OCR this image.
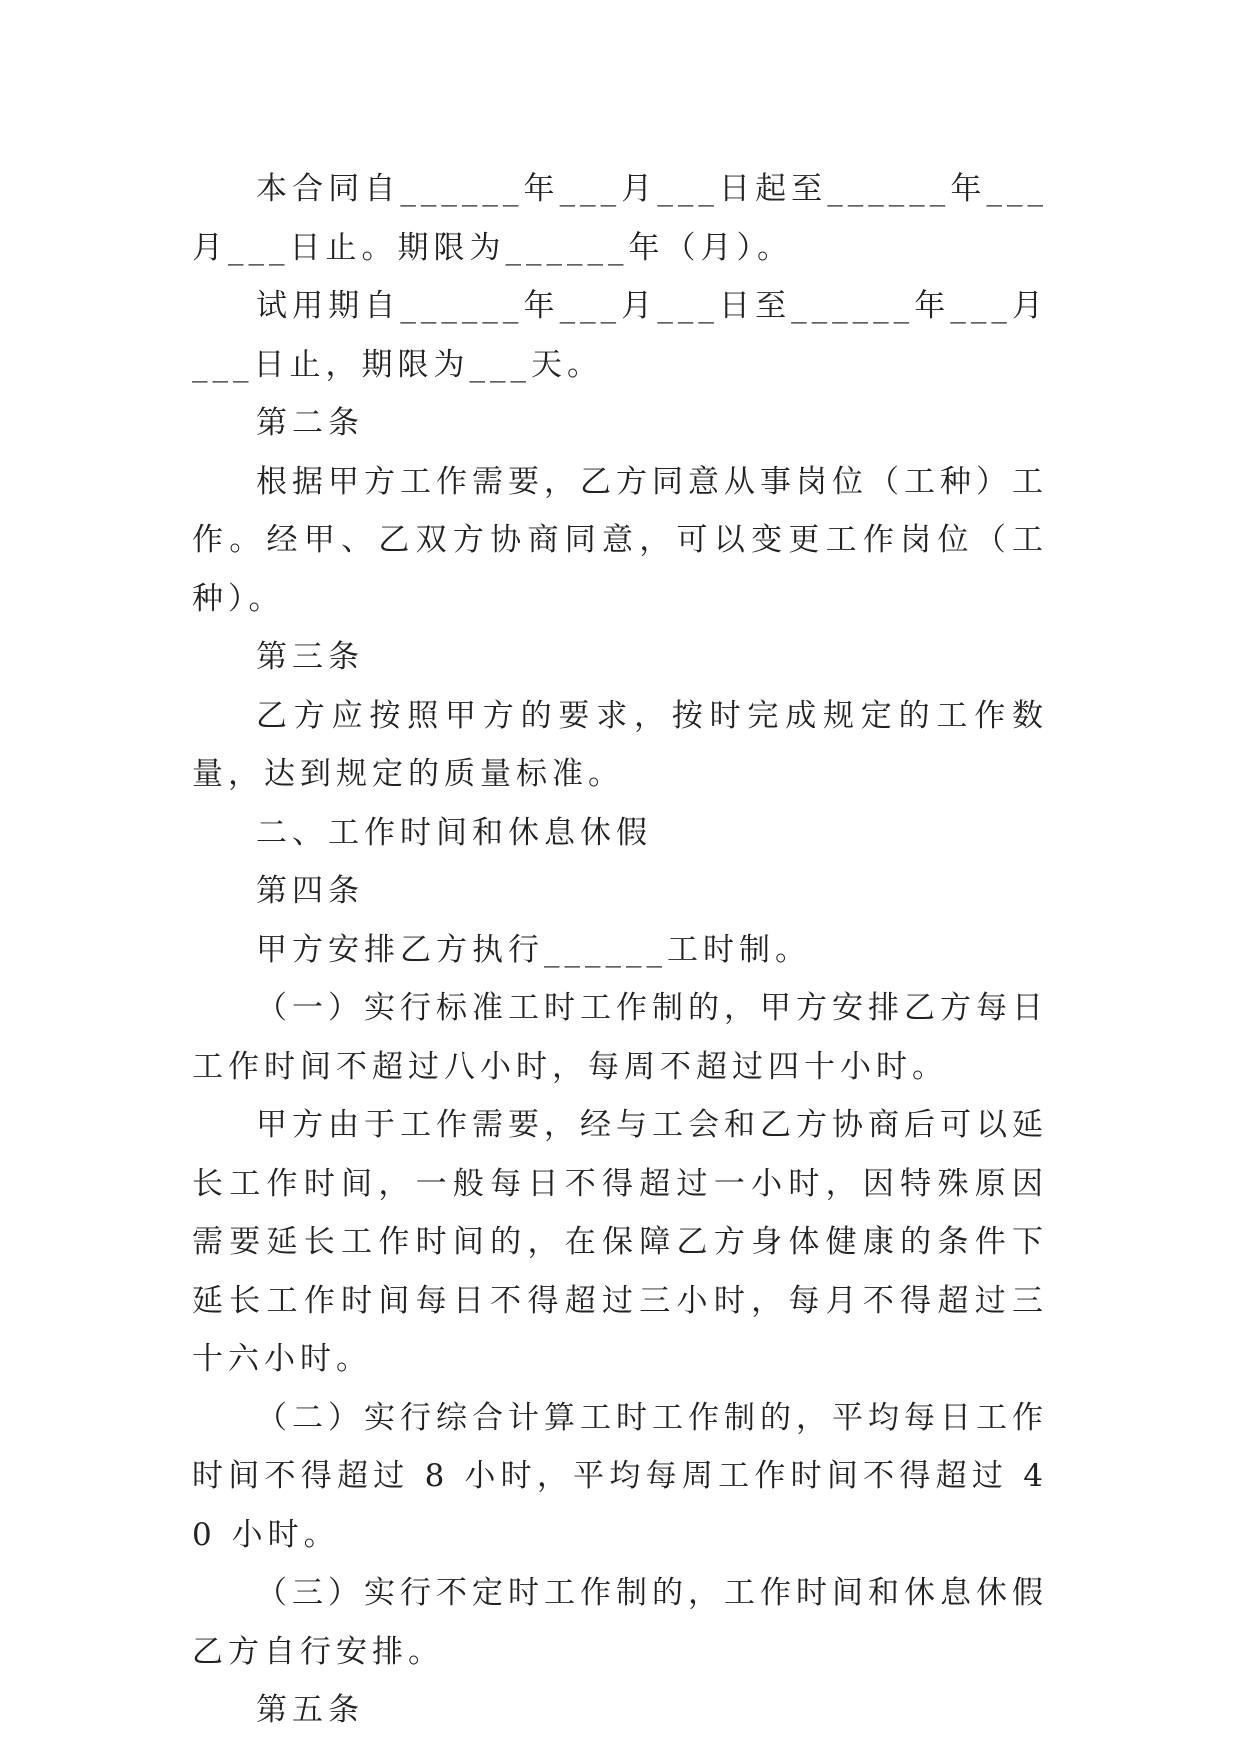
本合同自______年___月___日起至______年___月___日止。期限为______年（月）。

试用期自______年___月___日至______年___月___日止，期限为___天。

第二条

根据甲方工作需要，乙方同意从事岗位（工种）工作。经甲、乙双方协商同意，可以变更工作岗位（工种）。

第三条

乙方应按照甲方的要求，按时完成规定的工作数量，达到规定的质量标准。

二、工作时间和休息休假

第四条

甲方安排乙方执行______工时制。

（一）实行标准工时工作制的，甲方安排乙方每日工作时间不超过八小时，每周不超过四十小时。

甲方由于工作需要，经与工会和乙方协商后可以延长工作时间，一般每日不得超过一小时，因特殊原因需要延长工作时间的，在保障乙方身体健康的条件下延长工作时间每日不得超过三小时，每月不得超过三十六小时。

（二）实行综合计算工时工作制的，平均每日工作时间不得超过 8 小时，平均每周工作时间不得超过 40 小时。

（三）实行不定时工作制的，工作时间和休息休假乙方自行安排。

第五条
